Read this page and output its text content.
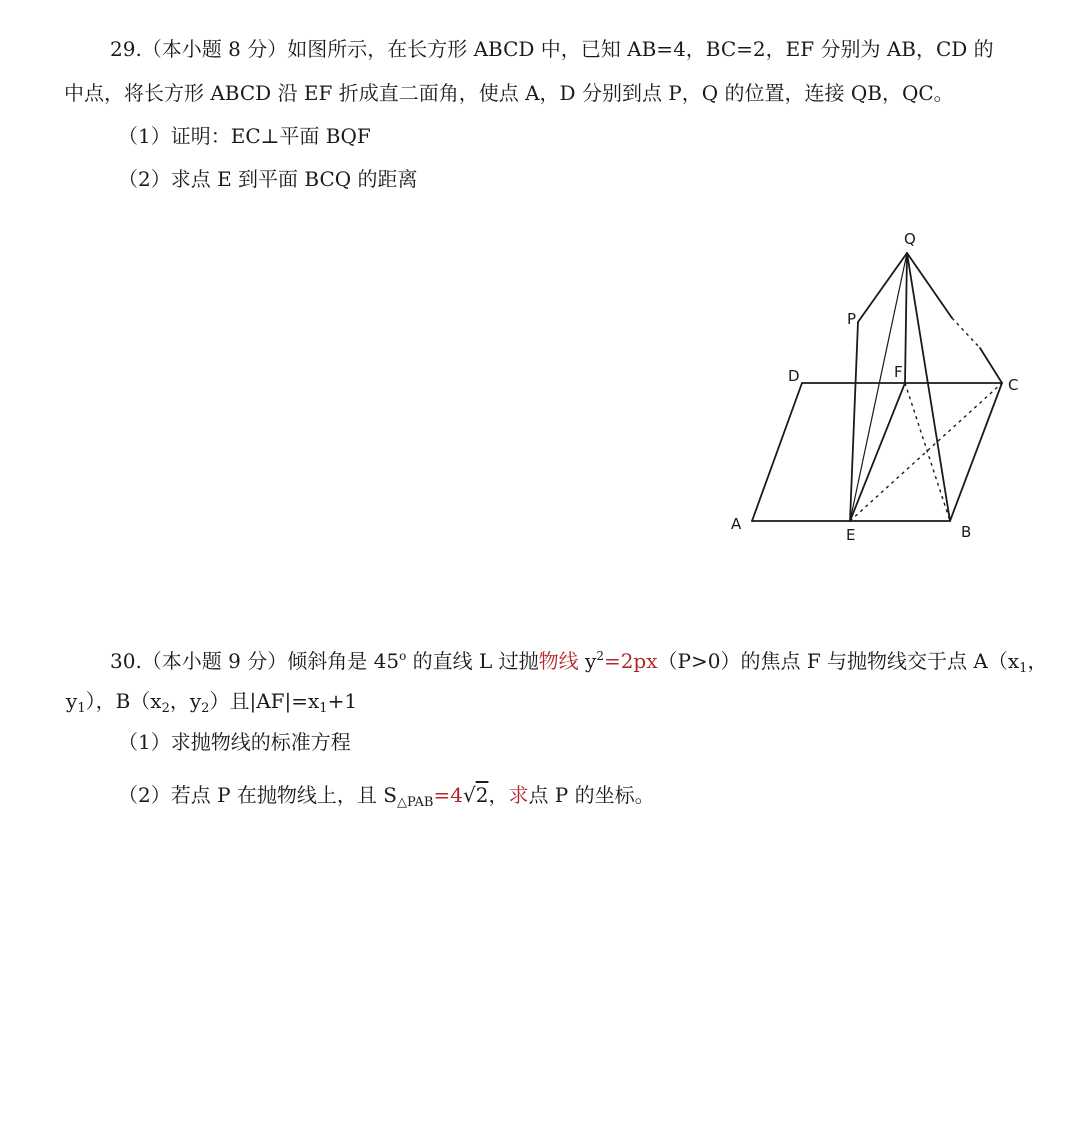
29.（本小题 8 分）如图所示，在长方形 ABCD 中，已知 AB=4，BC=2，EF 分别为 AB，CD 的
中点，将长方形 ABCD 沿 EF 折成直二面角，使点 A，D 分别到点 P，Q 的位置，连接 QB，QC。
（1）证明：EC⊥平面 BQF
（2）求点 E 到平面 BCQ 的距离
Q
P
D	F
C
A
E	B
30.（本小题 9 分）倾斜角是 45$^o$ 的直线 L 过抛物线 $y^2=2px(P>0)$的焦点 F 与抛物线交于点 $A(x_1$，
$y_1$），$B(x_2$，$y_2$）且$|AF|=x_1+1$
（1）求抛物线的标准方程
（2）若点 P 在抛物线上，且 $S_{\triangle PAB}=4√2$，求点 P 的坐标。
